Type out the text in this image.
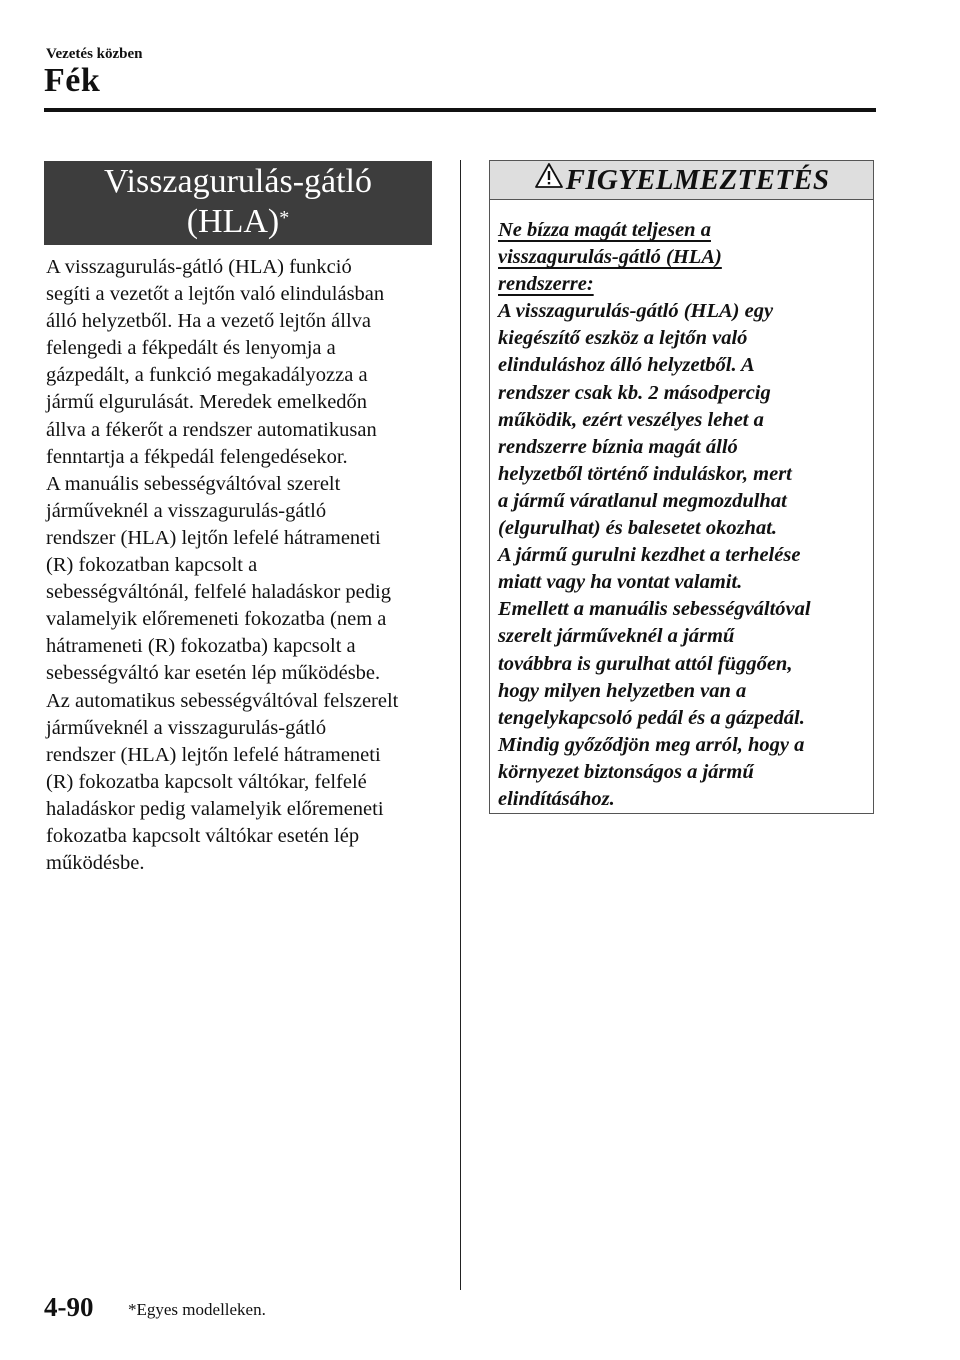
Vezetés közben
Fék
Visszagurulás-gátló
(HLA)*
A visszagurulás-gátló (HLA) funkció
segíti a vezetőt a lejtőn való elindulásban
álló helyzetből. Ha a vezető lejtőn állva
felengedi a fékpedált és lenyomja a
gázpedált, a funkció megakadályozza a
jármű elgurulását. Meredek emelkedőn
állva a fékerőt a rendszer automatikusan
fenntartja a fékpedál felengedésekor.
A manuális sebességváltóval szerelt
járműveknél a visszagurulás-gátló
rendszer (HLA) lejtőn lefelé hátrameneti
(R) fokozatban kapcsolt a
sebességváltónál, felfelé haladáskor pedig
valamelyik előremeneti fokozatba (nem a
hátrameneti (R) fokozatba) kapcsolt a
sebességváltó kar esetén lép működésbe.
Az automatikus sebességváltóval felszerelt
járműveknél a visszagurulás-gátló
rendszer (HLA) lejtőn lefelé hátrameneti
(R) fokozatba kapcsolt váltókar, felfelé
haladáskor pedig valamelyik előremeneti
fokozatba kapcsolt váltókar esetén lép
működésbe.
FIGYELMEZTETÉS
Ne bízza magát teljesen a
visszagurulás-gátló (HLA)
rendszerre:
A visszagurulás-gátló (HLA) egy
kiegészítő eszköz a lejtőn való
elinduláshoz álló helyzetből. A
rendszer csak kb. 2 másodpercig
működik, ezért veszélyes lehet a
rendszerre bíznia magát álló
helyzetből történő induláskor, mert
a jármű váratlanul megmozdulhat
(elgurulhat) és balesetet okozhat.
A jármű gurulni kezdhet a terhelése
miatt vagy ha vontat valamit.
Emellett a manuális sebességváltóval
szerelt járműveknél a jármű
továbbra is gurulhat attól függően,
hogy milyen helyzetben van a
tengelykapcsoló pedál és a gázpedál.
Mindig győződjön meg arról, hogy a
környezet biztonságos a jármű
elindításához.
4-90 *Egyes modelleken.
